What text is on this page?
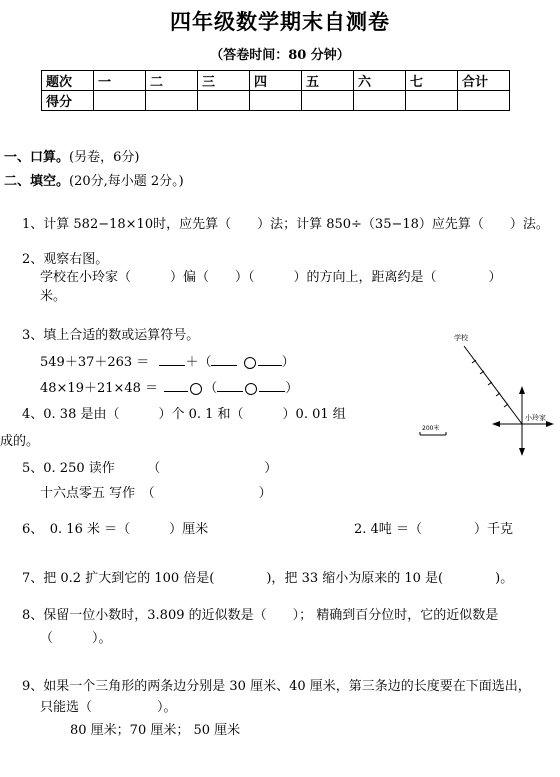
四年级数学期末自测卷
（答卷时间：80 分钟）
题次	一	二	三	四	五	六	七	合计
得分								
一、口算。(另卷，6分)
二、填空。(20分,每小题 2分。)
1、计算 582−18×10时，应先算（　　）法；计算 850÷（35−18）应先算（　　）法。
2、观察右图。
学校在小玲家（　　　）偏（　　）（　　　）的方向上，距离约是（　　　　）
米。
3、填上合适的数或运算符号。
549＋37＋263 ＝	＋（	）
48×19＋21×48 ＝	（	）
4、0. 38 是由（　　　）个 0. 1 和（　　　）0. 01 组
成的。
5、0. 250 读作　　　（　　　　　　　　）
十六点零五 写作　（　　　　　　　　）
6、　0. 16 米 ＝（　　　）厘米	2. 4吨 ＝（　　　　）千克
7、把 0.2 扩大到它的 100 倍是(　　　　)，把 33 缩小为原来的 10 是(　　　　)。
8、保留一位小数时，3.809 的近似数是（　　）； 精确到百分位时，它的近似数是
（　　　）。
9、如果一个三角形的两条边分别是 30 厘米、40 厘米，第三条边的长度要在下面选出，
只能选（　　　　　）。
80 厘米；70 厘米； 50 厘米
学校
小玲家
200米
